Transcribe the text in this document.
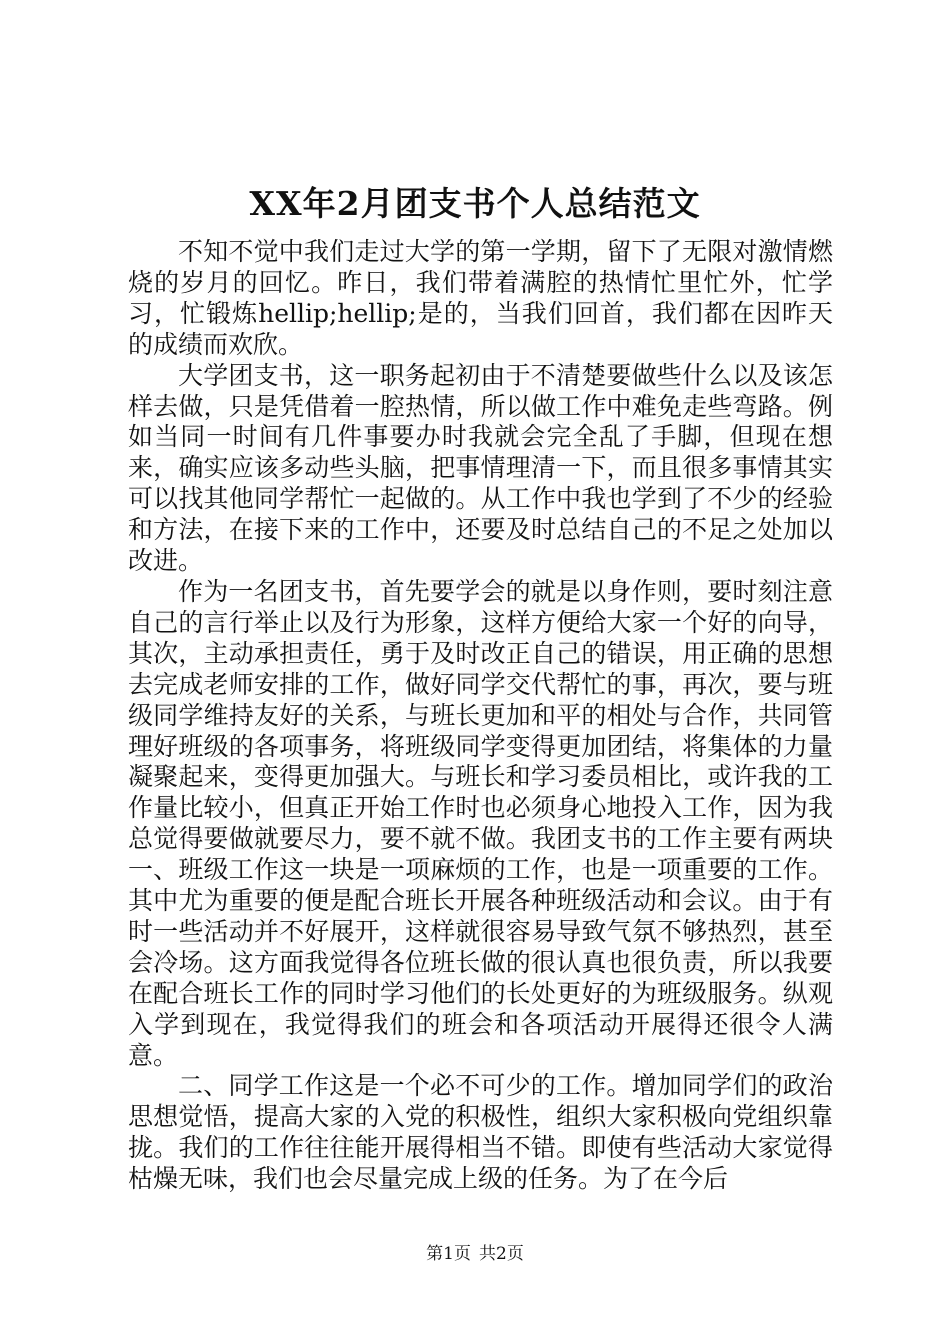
XX年2月团支书个人总结范文

不知不觉中我们走过大学的第一学期，留下了无限对激情燃烧的岁月的回忆。昨日，我们带着满腔的热情忙里忙外，忙学习，忙锻炼hellip;hellip;是的，当我们回首，我们都在因昨天的成绩而欢欣。

大学团支书，这一职务起初由于不清楚要做些什么以及该怎样去做，只是凭借着一腔热情，所以做工作中难免走些弯路。例如当同一时间有几件事要办时我就会完全乱了手脚，但现在想来，确实应该多动些头脑，把事情理清一下，而且很多事情其实可以找其他同学帮忙一起做的。从工作中我也学到了不少的经验和方法，在接下来的工作中，还要及时总结自己的不足之处加以改进。

作为一名团支书，首先要学会的就是以身作则，要时刻注意自己的言行举止以及行为形象，这样方便给大家一个好的向导，其次，主动承担责任，勇于及时改正自己的错误，用正确的思想去完成老师安排的工作，做好同学交代帮忙的事，再次，要与班级同学维持友好的关系，与班长更加和平的相处与合作，共同管理好班级的各项事务，将班级同学变得更加团结，将集体的力量凝聚起来，变得更加强大。与班长和学习委员相比，或许我的工作量比较小，但真正开始工作时也必须身心地投入工作，因为我总觉得要做就要尽力，要不就不做。我团支书的工作主要有两块一、班级工作这一块是一项麻烦的工作，也是一项重要的工作。其中尤为重要的便是配合班长开展各种班级活动和会议。由于有时一些活动并不好展开，这样就很容易导致气氛不够热烈，甚至会冷场。这方面我觉得各位班长做的很认真也很负责，所以我要在配合班长工作的同时学习他们的长处更好的为班级服务。纵观入学到现在，我觉得我们的班会和各项活动开展得还很令人满意。

二、同学工作这是一个必不可少的工作。增加同学们的政治思想觉悟，提高大家的入党的积极性，组织大家积极向党组织靠拢。我们的工作往往能开展得相当不错。即使有些活动大家觉得枯燥无味，我们也会尽量完成上级的任务。为了在今后

第1页 共2页
